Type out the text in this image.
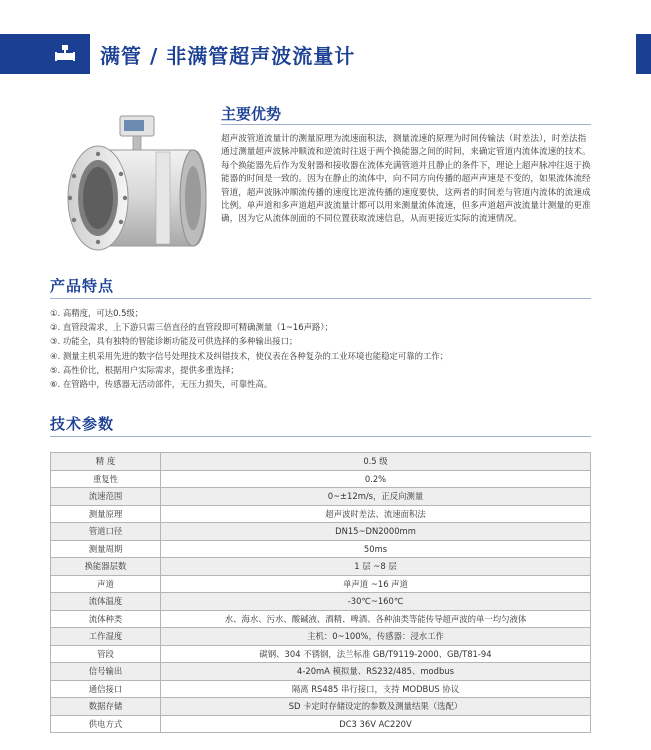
满管 / 非满管超声波流量计
主要优势

超声波管道流量计的测量原理为流速面积法，测量流速的原理为时间传输法（时差法），时差法指通过测量超声波脉冲顺流和逆流时往返于两个换能器之间的时间，来确定管道内流体流速的技术。

每个换能器先后作为发射器和接收器在流体充满管道并且静止的条件下，理论上超声脉冲往返于换能器的时间是一致的。因为在静止的流体中，向不同方向传播的超声声速是不变的，如果流体流经管道，超声波脉冲顺流传播的速度比逆流传播的速度要快，这两者的时间差与管道内流体的流速成比例。单声道和多声道超声波流量计都可以用来测量流体流速，但多声道超声波流量计测量的更准确，因为它从流体剖面的不同位置获取流速信息，从而更接近实际的流速情况。

产品特点
①. 高精度，可达0.5级；
②. 直管段需求，上下游只需三倍直径的直管段即可精确测量（1~16声路）；
③. 功能全，具有独特的智能诊断功能及可供选择的多种输出接口；
④. 测量主机采用先进的数字信号处理技术及纠错技术，使仪表在各种复杂的工业环境也能稳定可靠的工作；
⑤. 高性价比，根据用户实际需求，提供多重选择；
⑥. 在管路中，传感器无活动部件，无压力损失，可靠性高。
技术参数
精 度	0.5 级
重复性	0.2%
流速范围	0~±12m/s，正反向测量
测量原理	超声波时差法、流速面积法
管道口径	DN15~DN2000mm
测量周期	50ms
换能器层数	1 层 ~8 层
声道	单声道 ~16 声道
流体温度	-30℃~160℃
流体种类	水、海水、污水、酸碱液、酒精、啤酒、各种油类等能传导超声波的单一均匀液体
工作湿度	主机：0~100%，传感器：浸水工作
管段	碳钢、304 不锈钢，法兰标准 GB/T9119-2000、GB/T81-94
信号输出	4-20mA 模拟量、RS232/485、modbus
通信接口	隔离 RS485 串行接口，支持 MODBUS 协议
数据存储	SD 卡定时存储设定的参数及测量结果（选配）
供电方式	DC3 36V AC220V
